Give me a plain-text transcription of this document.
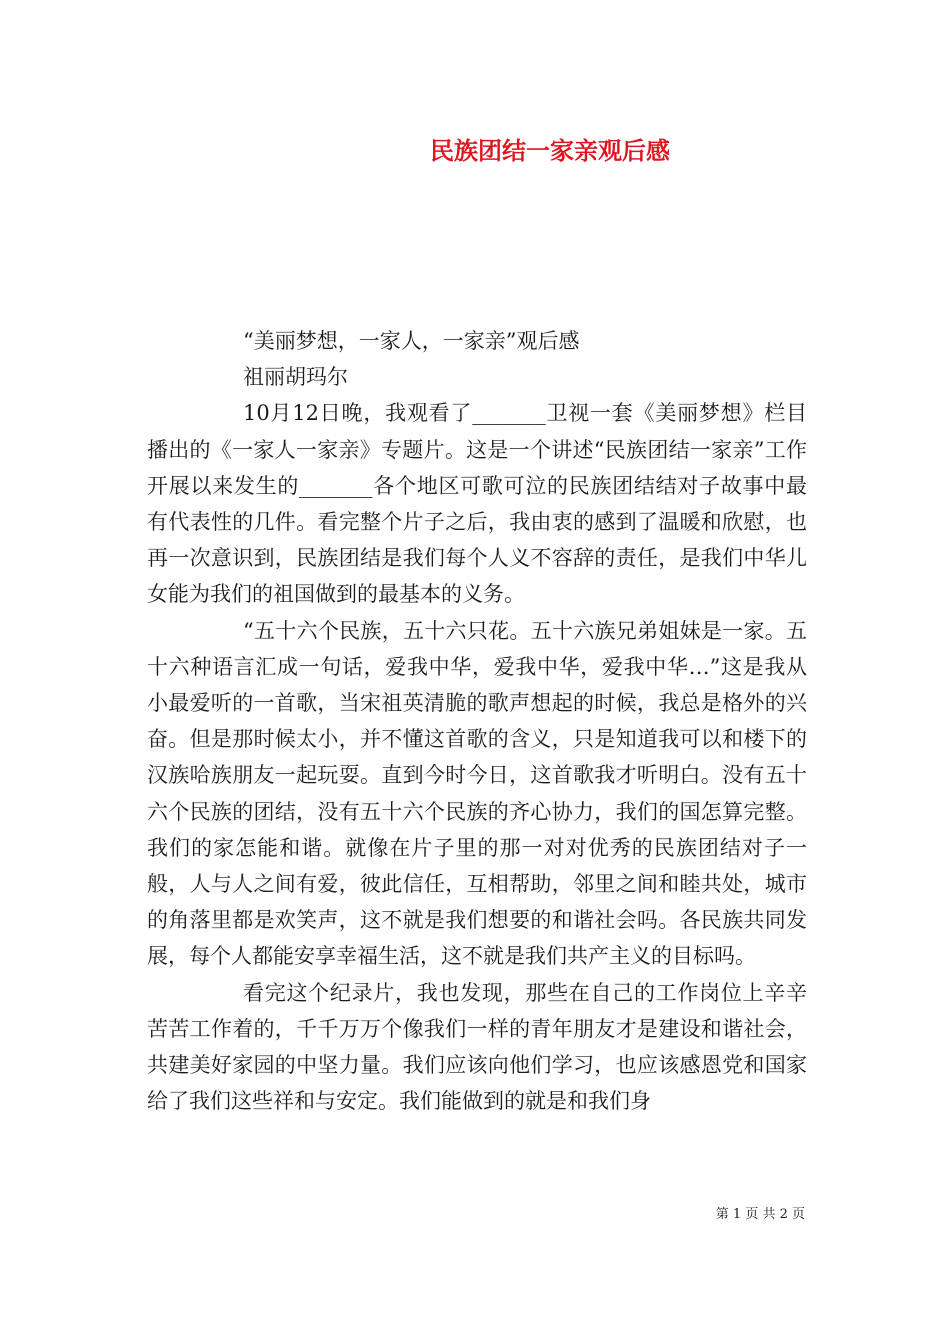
民族团结一家亲观后感

“美丽梦想，一家人，一家亲”观后感

祖丽胡玛尔

10月12日晚，我观看了_______卫视一套《美丽梦想》栏目播出的《一家人一家亲》专题片。这是一个讲述“民族团结一家亲”工作开展以来发生的_______各个地区可歌可泣的民族团结结对子故事中最有代表性的几件。看完整个片子之后，我由衷的感到了温暖和欣慰，也再一次意识到，民族团结是我们每个人义不容辞的责任，是我们中华儿女能为我们的祖国做到的最基本的义务。

“五十六个民族，五十六只花。五十六族兄弟姐妹是一家。五十六种语言汇成一句话，爱我中华，爱我中华，爱我中华…”这是我从小最爱听的一首歌，当宋祖英清脆的歌声想起的时候，我总是格外的兴奋。但是那时候太小，并不懂这首歌的含义，只是知道我可以和楼下的汉族哈族朋友一起玩耍。直到今时今日，这首歌我才听明白。没有五十六个民族的团结，没有五十六个民族的齐心协力，我们的国怎算完整。我们的家怎能和谐。就像在片子里的那一对对优秀的民族团结对子一般，人与人之间有爱，彼此信任，互相帮助，邻里之间和睦共处，城市的角落里都是欢笑声，这不就是我们想要的和谐社会吗。各民族共同发展，每个人都能安享幸福生活，这不就是我们共产主义的目标吗。

看完这个纪录片，我也发现，那些在自己的工作岗位上辛辛苦苦工作着的，千千万万个像我们一样的青年朋友才是建设和谐社会，共建美好家园的中坚力量。我们应该向他们学习，也应该感恩党和国家给了我们这些祥和与安定。我们能做到的就是和我们身

第 1 页 共 2 页
